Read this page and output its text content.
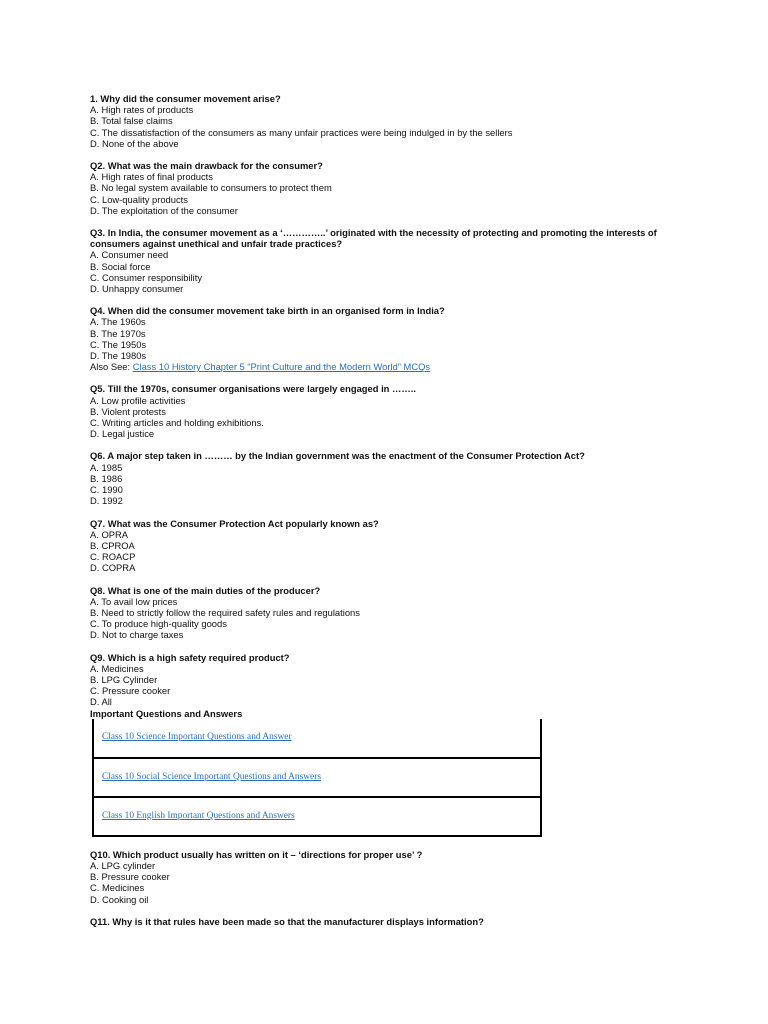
1. Why did the consumer movement arise?
A. High rates of products
B. Total false claims
C. The dissatisfaction of the consumers as many unfair practices were being indulged in by the sellers
D. None of the above
Q2. What was the main drawback for the consumer?
A. High rates of final products
B. No legal system available to consumers to protect them
C. Low-quality products
D. The exploitation of the consumer
Q3. In India, the consumer movement as a ‘…………..’ originated with the necessity of protecting and promoting the interests of consumers against unethical and unfair trade practices?
A. Consumer need
B. Social force
C. Consumer responsibility
D. Unhappy consumer
Q4. When did the consumer movement take birth in an organised form in India?
A. The 1960s
B. The 1970s
C. The 1950s
D. The 1980s
Also See: Class 10 History Chapter 5 “Print Culture and the Modern World” MCQs
Q5. Till the 1970s, consumer organisations were largely engaged in ……..
A. Low profile activities
B. Violent protests
C. Writing articles and holding exhibitions.
D. Legal justice
Q6. A major step taken in ……… by the Indian government was the enactment of the Consumer Protection Act?
A. 1985
B. 1986
C. 1990
D. 1992
Q7. What was the Consumer Protection Act popularly known as?
A. OPRA
B. CPROA
C. ROACP
D. COPRA
Q8. What is one of the main duties of the producer?
A. To avail low prices
B. Need to strictly follow the required safety rules and regulations
C. To produce high-quality goods
D. Not to charge taxes
Q9. Which is a high safety required product?
A. Medicines
B. LPG Cylinder
C. Pressure cooker
D. All
Important Questions and Answers
Class 10 Science Important Questions and Answer
Class 10 Social Science Important Questions and Answers
Class 10 English Important Questions and Answers
Q10. Which product usually has written on it – ‘directions for proper use’ ?
A. LPG cylinder
B. Pressure cooker
C. Medicines
D. Cooking oil
Q11. Why is it that rules have been made so that the manufacturer displays information?
